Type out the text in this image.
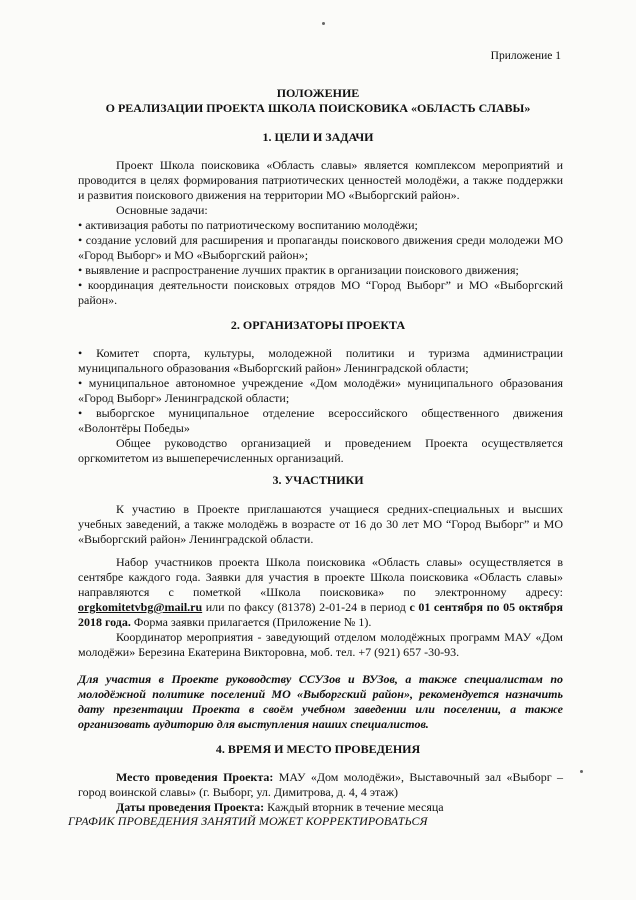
Приложение 1
ПОЛОЖЕНИЕ
О РЕАЛИЗАЦИИ ПРОЕКТА ШКОЛА ПОИСКОВИКА «ОБЛАСТЬ СЛАВЫ»
1. ЦЕЛИ И ЗАДАЧИ
Проект Школа поисковика «Область славы» является комплексом мероприятий и проводится в целях формирования патриотических ценностей молодёжи, а также поддержки и развития поискового движения на территории МО «Выборгский район».
Основные задачи:
• активизация работы по патриотическому воспитанию молодёжи;
• создание условий для расширения и пропаганды поискового движения среди молодежи МО «Город Выборг» и МО «Выборгский район»;
• выявление и распространение лучших практик в организации поискового движения;
• координация деятельности поисковых отрядов МО “Город Выборг” и МО «Выборгский район».
2. ОРГАНИЗАТОРЫ ПРОЕКТА
• Комитет спорта, культуры, молодежной политики и туризма администрации муниципального образования «Выборгский район» Ленинградской области;
• муниципальное автономное учреждение «Дом молодёжи» муниципального образования «Город Выборг» Ленинградской области;
• выборгское муниципальное отделение всероссийского общественного движения «Волонтёры Победы»
Общее руководство организацией и проведением Проекта осуществляется оргкомитетом из вышеперечисленных организаций.
3. УЧАСТНИКИ
К участию в Проекте приглашаются учащиеся средних-специальных и высших учебных заведений, а также молодёжь в возрасте от 16 до 30 лет МО “Город Выборг” и МО «Выборгский район» Ленинградской области.
Набор участников проекта Школа поисковика «Область славы» осуществляется в сентябре каждого года. Заявки для участия в проекте Школа поисковика «Область славы» направляются с пометкой «Школа поисковика» по электронному адресу: orgkomitetvbg@mail.ru или по факсу (81378) 2-01-24 в период с 01 сентября по 05 октября 2018 года. Форма заявки прилагается (Приложение № 1).
Координатор мероприятия - заведующий отделом молодёжных программ МАУ «Дом молодёжи» Березина Екатерина Викторовна, моб. тел. +7 (921) 657 -30-93.
Для участия в Проекте руководству ССУЗов и ВУЗов, а также специалистам по молодёжной политике поселений МО «Выборгский район», рекомендуется назначить дату презентации Проекта в своём учебном заведении или поселении, а также организовать аудиторию для выступления наших специалистов.
4. ВРЕМЯ И МЕСТО ПРОВЕДЕНИЯ
Место проведения Проекта: МАУ «Дом молодёжи», Выставочный зал «Выборг – город воинской славы» (г. Выборг, ул. Димитрова, д. 4, 4 этаж)
Даты проведения Проекта: Каждый вторник в течение месяца
ГРАФИК ПРОВЕДЕНИЯ ЗАНЯТИЙ МОЖЕТ КОРРЕКТИРОВАТЬСЯ
